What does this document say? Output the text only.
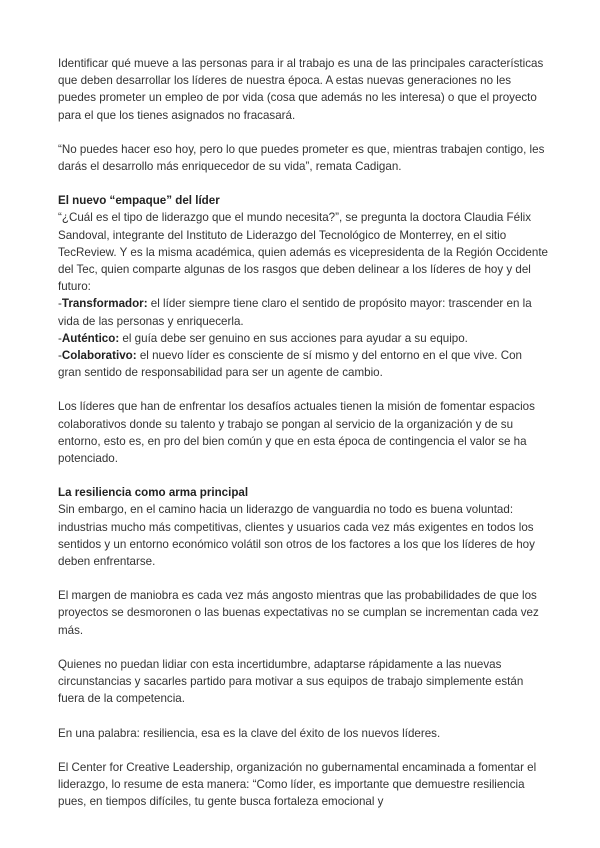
Identificar qué mueve a las personas para ir al trabajo es una de las principales características que deben desarrollar los líderes de nuestra época. A estas nuevas generaciones no les puedes prometer un empleo de por vida (cosa que además no les interesa) o que el proyecto para el que los tienes asignados no fracasará.

“No puedes hacer eso hoy, pero lo que puedes prometer es que, mientras trabajen contigo, les darás el desarrollo más enriquecedor de su vida”, remata Cadigan.

El nuevo “empaque” del líder

“¿Cuál es el tipo de liderazgo que el mundo necesita?”, se pregunta la doctora Claudia Félix Sandoval, integrante del Instituto de Liderazgo del Tecnológico de Monterrey, en el sitio TecReview. Y es la misma académica, quien además es vicepresidenta de la Región Occidente del Tec, quien comparte algunas de los rasgos que deben delinear a los líderes de hoy y del futuro:

-Transformador: el líder siempre tiene claro el sentido de propósito mayor: trascender en la vida de las personas y enriquecerla.

-Auténtico: el guía debe ser genuino en sus acciones para ayudar a su equipo.

-Colaborativo: el nuevo líder es consciente de sí mismo y del entorno en el que vive. Con gran sentido de responsabilidad para ser un agente de cambio.

Los líderes que han de enfrentar los desafíos actuales tienen la misión de fomentar espacios colaborativos donde su talento y trabajo se pongan al servicio de la organización y de su entorno, esto es, en pro del bien común y que en esta época de contingencia el valor se ha potenciado.

La resiliencia como arma principal

Sin embargo, en el camino hacia un liderazgo de vanguardia no todo es buena voluntad: industrias mucho más competitivas, clientes y usuarios cada vez más exigentes en todos los sentidos y un entorno económico volátil son otros de los factores a los que los líderes de hoy deben enfrentarse.

El margen de maniobra es cada vez más angosto mientras que las probabilidades de que los proyectos se desmoronen o las buenas expectativas no se cumplan se incrementan cada vez más.

Quienes no puedan lidiar con esta incertidumbre, adaptarse rápidamente a las nuevas circunstancias y sacarles partido para motivar a sus equipos de trabajo simplemente están fuera de la competencia.

En una palabra: resiliencia, esa es la clave del éxito de los nuevos líderes.

El Center for Creative Leadership, organización no gubernamental encaminada a fomentar el liderazgo, lo resume de esta manera: “Como líder, es importante que demuestre resiliencia pues, en tiempos difíciles, tu gente busca fortaleza emocional y
